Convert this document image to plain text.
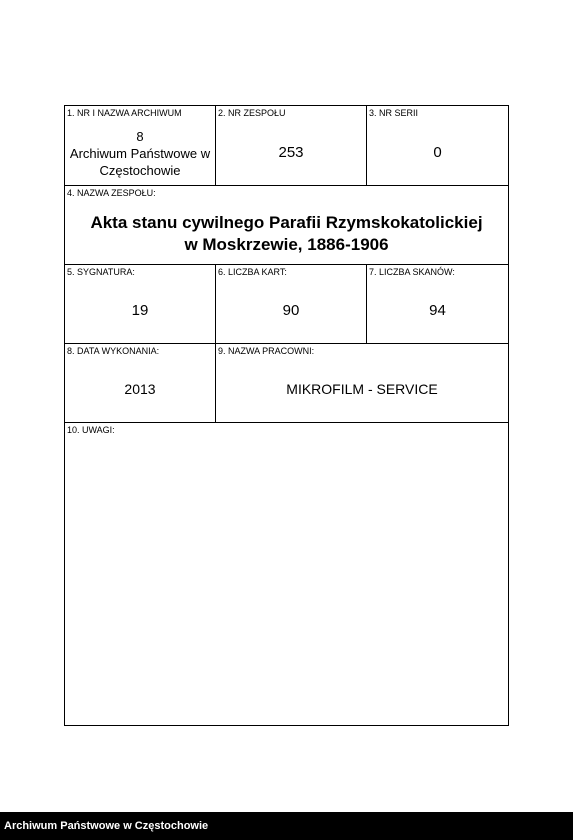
1. NR I NAZWA ARCHIWUM
8
Archiwum Państwowe w
Częstochowie
2. NR ZESPOŁU
253
3. NR SERII
0
4. NAZWA ZESPOŁU:
Akta stanu cywilnego Parafii Rzymskokatolickiej
w Moskrzewie, 1886-1906
5. SYGNATURA:
19
6. LICZBA KART:
90
7. LICZBA SKANÓW:
94
8. DATA WYKONANIA:
2013
9. NAZWA PRACOWNI:
MIKROFILM - SERVICE
10. UWAGI:
Archiwum Państwowe w Częstochowie
